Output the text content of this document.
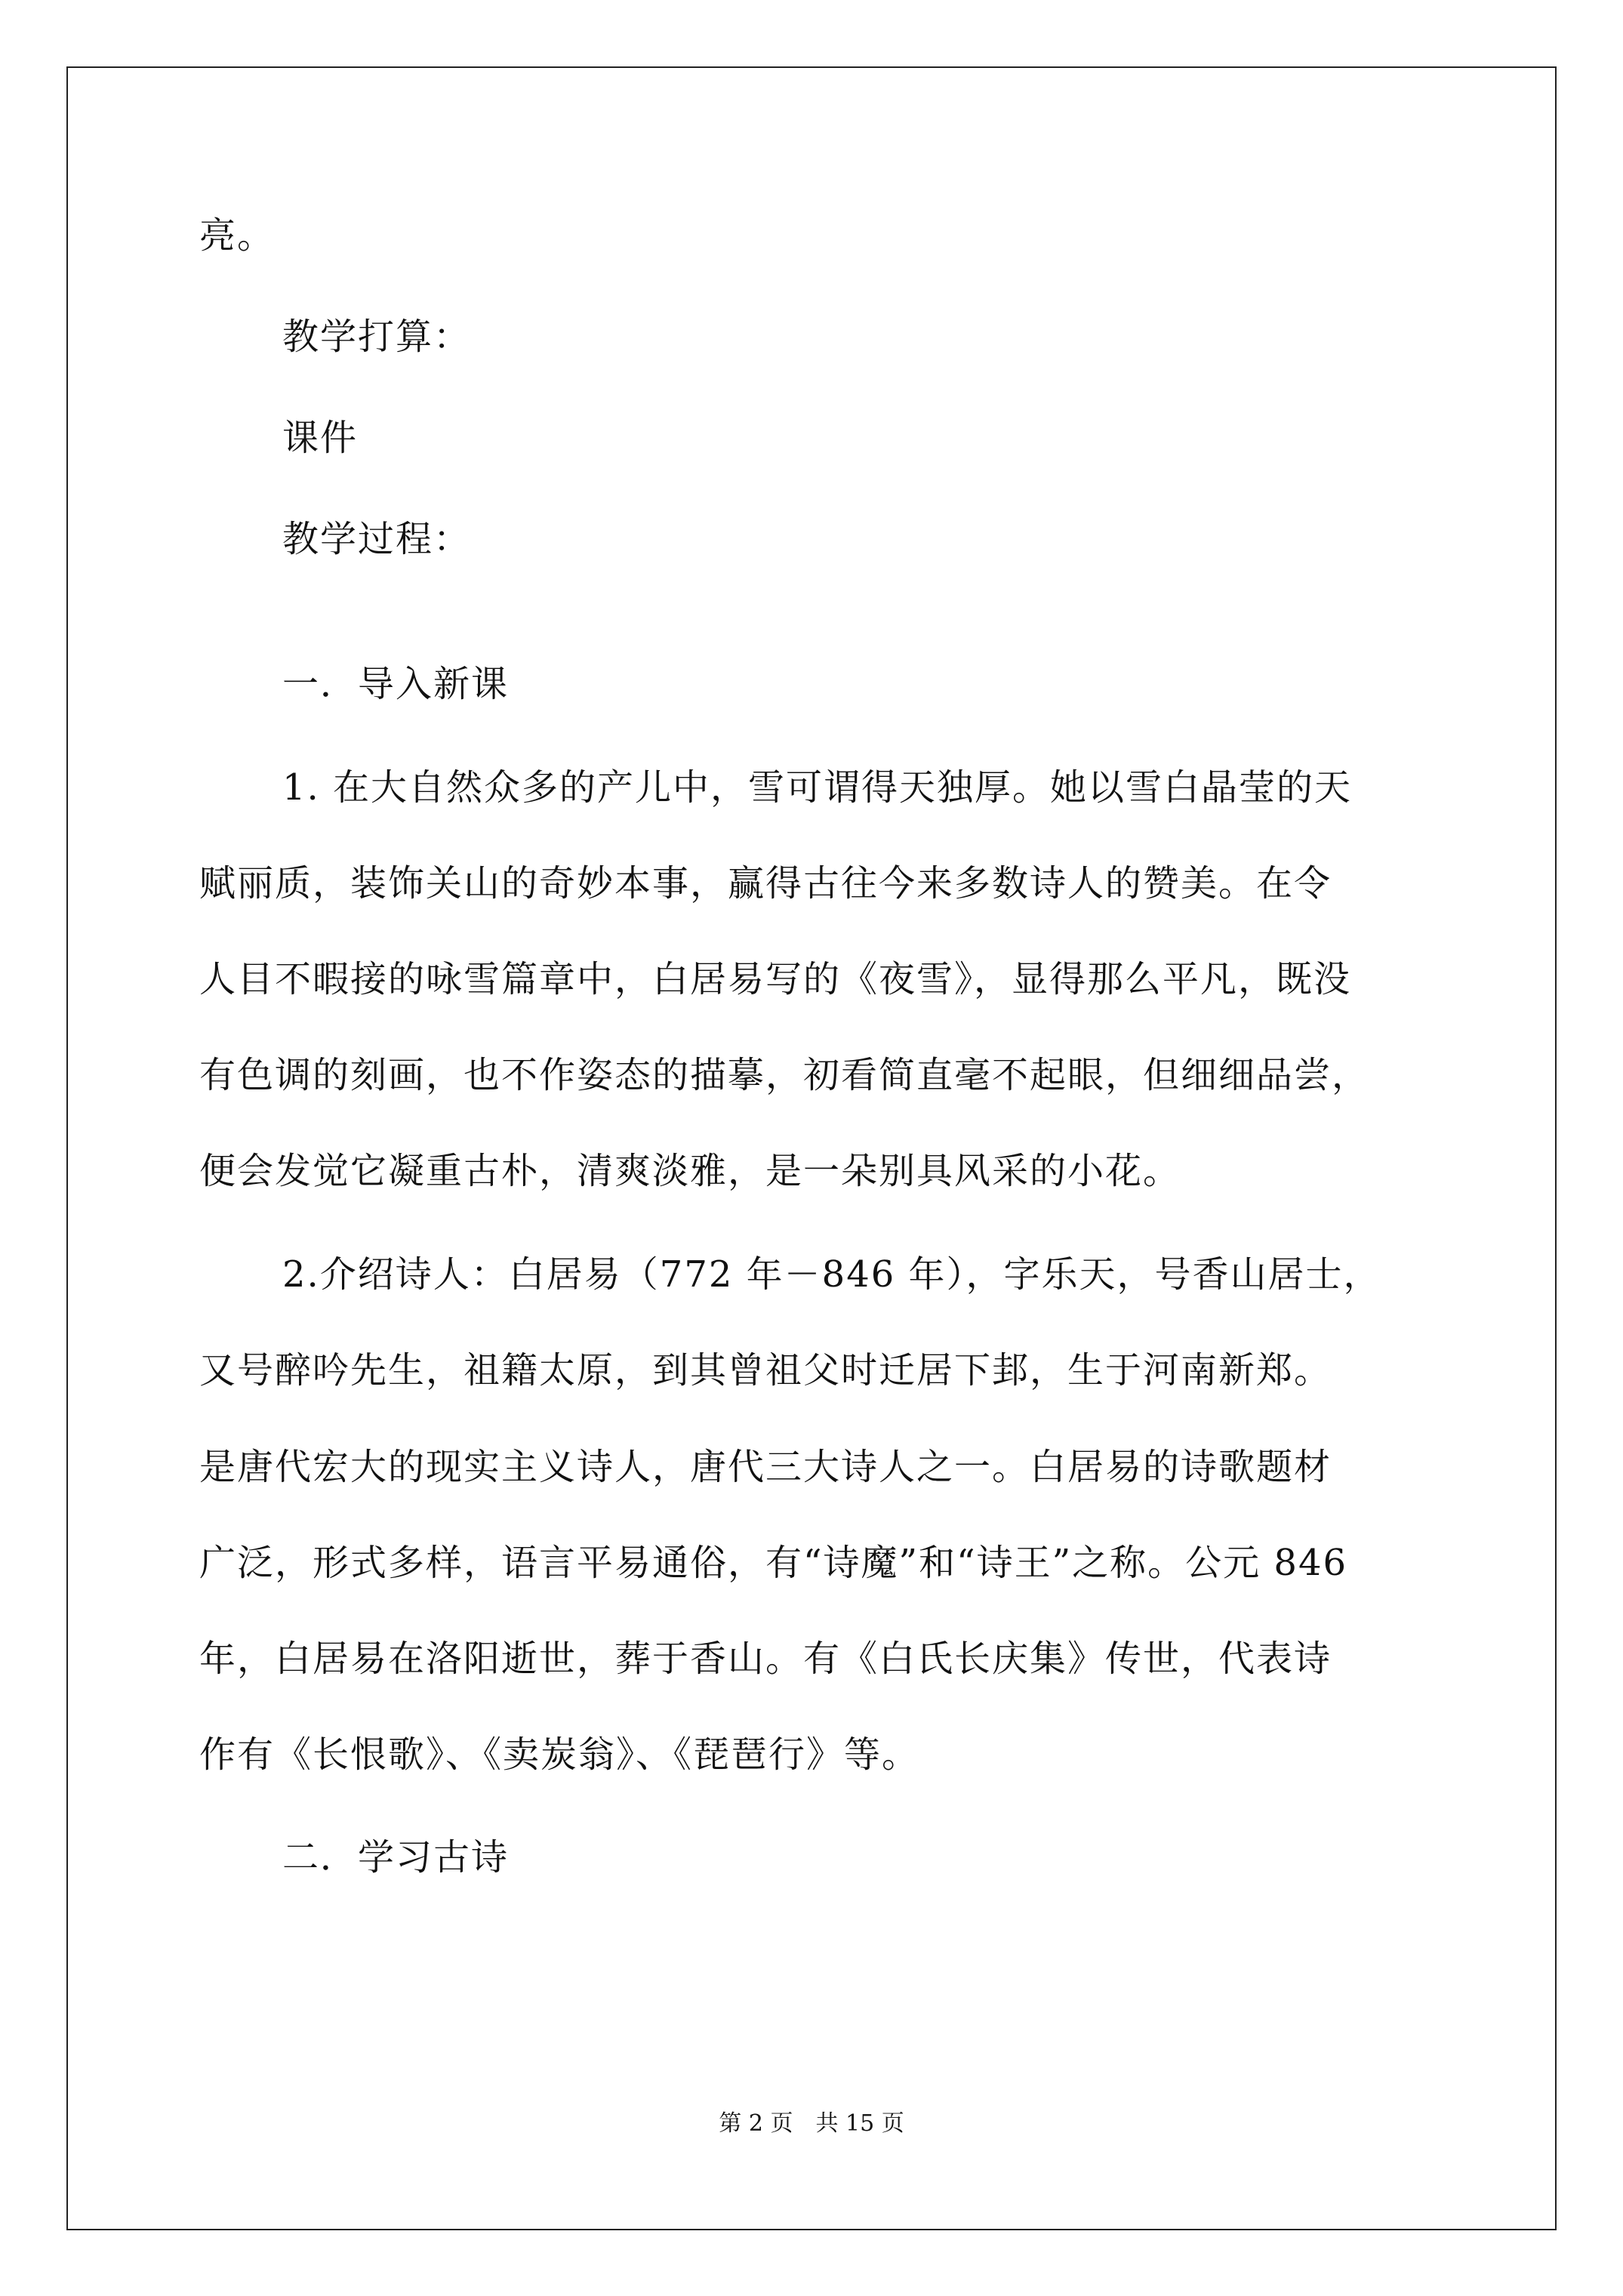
亮。
教学打算：
课件
教学过程：
一．导入新课
1. 在大自然众多的产儿中，雪可谓得天独厚。她以雪白晶莹的天
赋丽质，装饰关山的奇妙本事，赢得古往今来多数诗人的赞美。在令
人目不暇接的咏雪篇章中，白居易写的《夜雪》，显得那么平凡，既没
有色调的刻画，也不作姿态的描摹，初看简直毫不起眼，但细细品尝，
便会发觉它凝重古朴，清爽淡雅，是一朵别具风采的小花。
2.介绍诗人：白居易（772 年－846 年），字乐天，号香山居士，
又号醉吟先生，祖籍太原，到其曾祖父时迁居下邽，生于河南新郑。
是唐代宏大的现实主义诗人，唐代三大诗人之一。白居易的诗歌题材
广泛，形式多样，语言平易通俗，有“诗魔”和“诗王”之称。公元 846
年，白居易在洛阳逝世，葬于香山。有《白氏长庆集》传世，代表诗
作有《长恨歌》、《卖炭翁》、《琵琶行》等。
二．学习古诗
第 2 页　共 15 页
